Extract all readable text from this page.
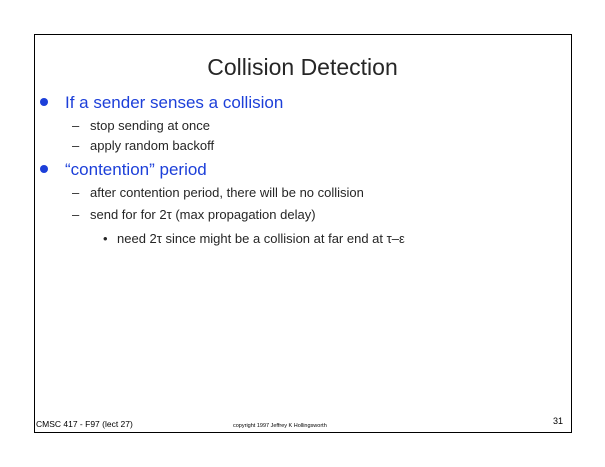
Collision Detection
If a sender senses a collision
– stop sending at once
– apply random backoff
“contention” period
– after contention period, there will be no collision
– send for for 2τ (max propagation delay)
• need 2τ since might be a collision at far end at τ–ε
CMSC 417 - F97 (lect 27)	copyright 1997 Jeffrey K Hollingsworth	31
